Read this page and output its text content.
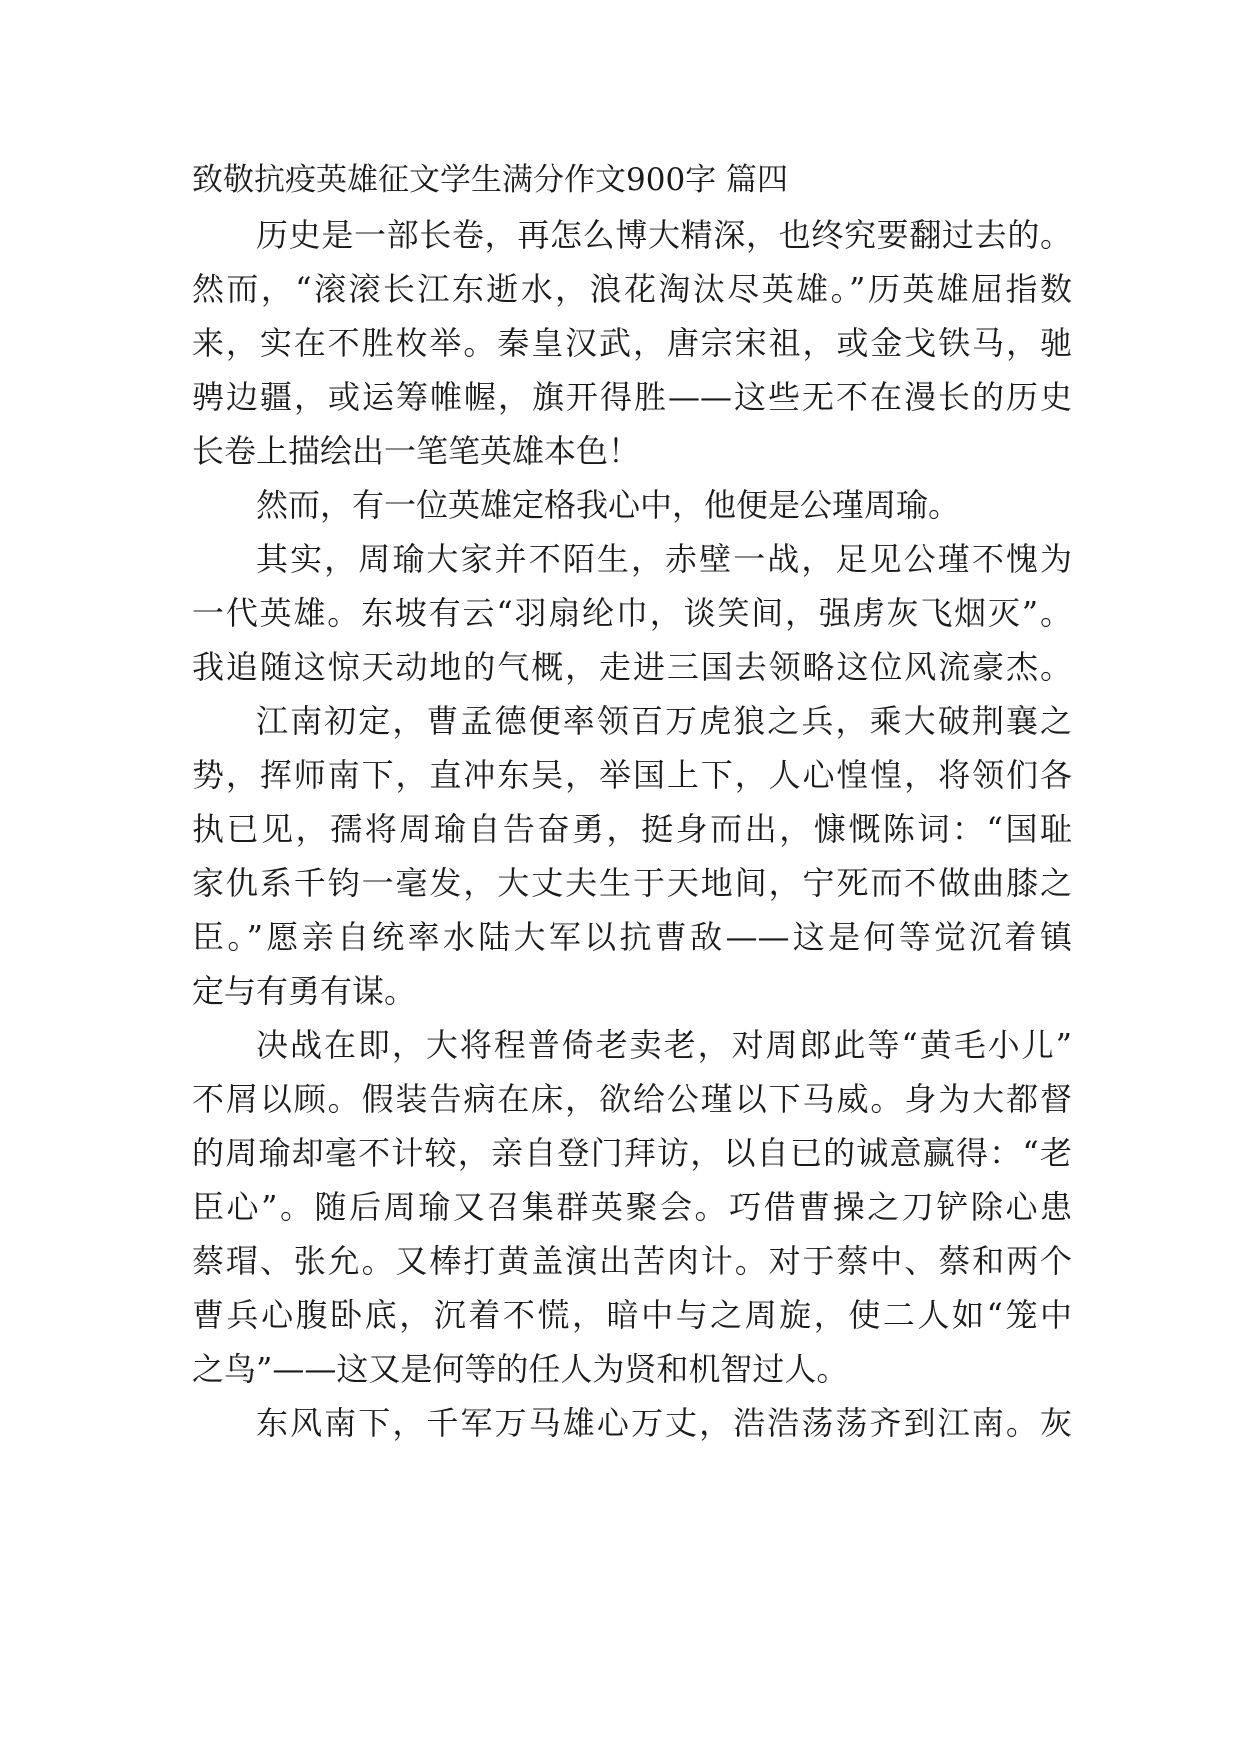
致敬抗疫英雄征文学生满分作文900字 篇四
历史是一部长卷，再怎么博大精深，也终究要翻过去的。
然而，“滚滚长江东逝水，浪花淘汰尽英雄。”历英雄屈指数
来，实在不胜枚举。秦皇汉武，唐宗宋祖，或金戈铁马，驰
骋边疆，或运筹帷幄，旗开得胜——这些无不在漫长的历史
长卷上描绘出一笔笔英雄本色！
然而，有一位英雄定格我心中，他便是公瑾周瑜。
其实，周瑜大家并不陌生，赤壁一战，足见公瑾不愧为
一代英雄。东坡有云“羽扇纶巾，谈笑间，强虏灰飞烟灭”。
我追随这惊天动地的气概，走进三国去领略这位风流豪杰。
江南初定，曹孟德便率领百万虎狼之兵，乘大破荆襄之
势，挥师南下，直冲东吴，举国上下，人心惶惶，将领们各
执已见，孺将周瑜自告奋勇，挺身而出，慷慨陈词：“国耻
家仇系千钧一毫发，大丈夫生于天地间，宁死而不做曲膝之
臣。”愿亲自统率水陆大军以抗曹敌——这是何等觉沉着镇
定与有勇有谋。
决战在即，大将程普倚老卖老，对周郎此等“黄毛小儿”
不屑以顾。假装告病在床，欲给公瑾以下马威。身为大都督
的周瑜却毫不计较，亲自登门拜访，以自已的诚意赢得：“老
臣心”。随后周瑜又召集群英聚会。巧借曹操之刀铲除心患
蔡瑁、张允。又棒打黄盖演出苦肉计。对于蔡中、蔡和两个
曹兵心腹卧底，沉着不慌，暗中与之周旋，使二人如“笼中
之鸟”——这又是何等的任人为贤和机智过人。
东风南下，千军万马雄心万丈，浩浩荡荡齐到江南。灰
